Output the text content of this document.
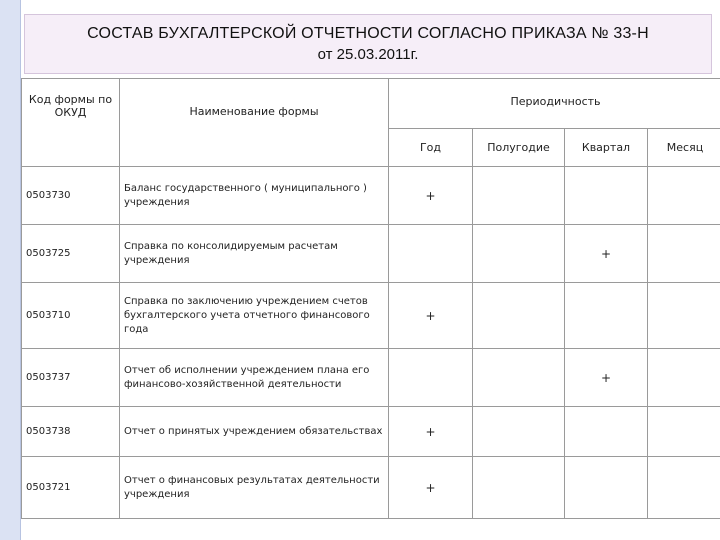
СОСТАВ БУХГАЛТЕРСКОЙ ОТЧЕТНОСТИ СОГЛАСНО ПРИКАЗА № 33-Н
от 25.03.2011г.
Код формы по ОКУД	Наименование формы	Периодичность			
		Год	Полугодие	Квартал	Месяц
0503730	Баланс государственного ( муниципального ) учреждения	+			
0503725	Справка по консолидируемым расчетам учреждения			+	
0503710	Справка по заключению учреждением счетов бухгалтерского учета отчетного финансового года	+			
0503737	Отчет об исполнении учреждением плана его финансово-хозяйственной деятельности			+	
0503738	Отчет о принятых учреждением обязательствах	+			
0503721	Отчет о финансовых результатах деятельности учреждения	+			
